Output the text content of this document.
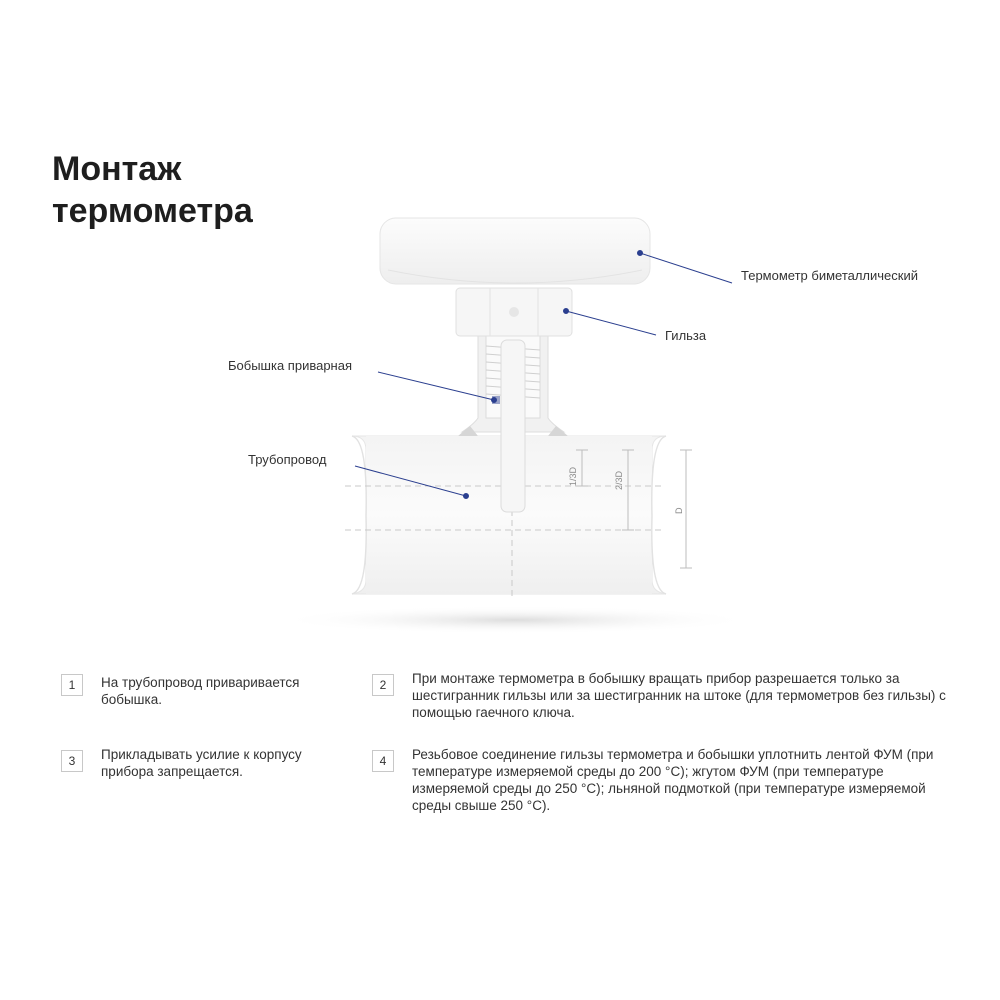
Монтаж
термометра
1/3D	2/3D
D
Термометр биметаллический
Гильза
Бобышка приварная
Трубопровод
1	На трубопровод приваривается бобышка.
2	При монтаже термометра в бобышку вращать прибор разрешается только за шестигранник гильзы или за шестигранник на штоке (для термометров без гильзы) с помощью гаечного ключа.
3	Прикладывать усилие к корпусу прибора запрещается.
4	Резьбовое соединение гильзы термометра и бобышки уплотнить лентой ФУМ (при температуре измеряемой среды до 200 °С); жгутом ФУМ (при температуре измеряемой среды до 250 °С); льняной подмоткой (при температуре измеряемой среды свыше 250 °С).
